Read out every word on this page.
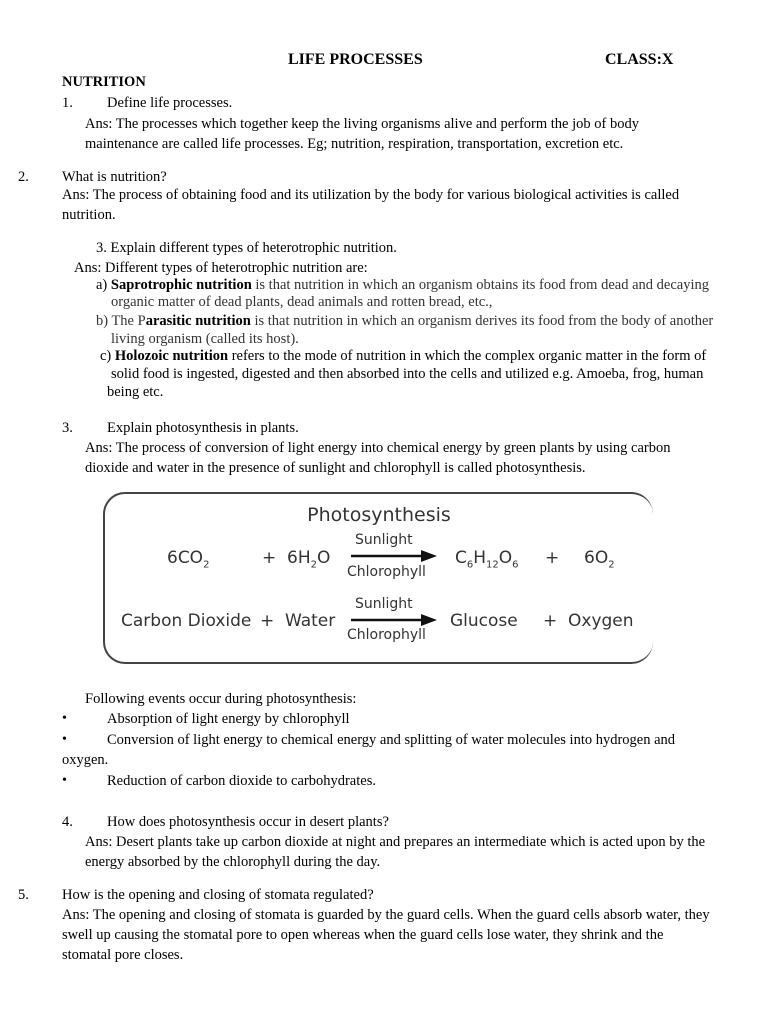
LIFE PROCESSES	CLASS:X
NUTRITION
1. Define life processes.
Ans: The processes which together keep the living organisms alive and perform the job of body
maintenance are called life processes. Eg; nutrition, respiration, transportation, excretion etc.
2. What is nutrition?
Ans: The process of obtaining food and its utilization by the body for various biological activities is called
nutrition.
3. Explain different types of heterotrophic nutrition.
Ans: Different types of heterotrophic nutrition are:
a) Saprotrophic nutrition is that nutrition in which an organism obtains its food from dead and decaying
organic matter of dead plants, dead animals and rotten bread, etc.,
b) The Parasitic nutrition is that nutrition in which an organism derives its food from the body of another
living organism (called its host).
c) Holozoic nutrition refers to the mode of nutrition in which the complex organic matter in the form of
solid food is ingested, digested and then absorbed into the cells and utilized e.g. Amoeba, frog, human
being etc.
3. Explain photosynthesis in plants.
Ans: The process of conversion of light energy into chemical energy by green plants by using carbon
dioxide and water in the presence of sunlight and chlorophyll is called photosynthesis.
Photosynthesis
$6CO_2$	+ $6H_2O$
Sunlight
Chlorophyll
$C_6H_{12}O_6 + 6O_2$
Carbon Dioxide + Water
Sunlight
Chlorophyll
Glucose + Oxygen
Following events occur during photosynthesis:
•	Absorption of light energy by chlorophyll
•	Conversion of light energy to chemical energy and splitting of water molecules into hydrogen and
oxygen.
•	Reduction of carbon dioxide to carbohydrates.
4. How does photosynthesis occur in desert plants?
Ans: Desert plants take up carbon dioxide at night and prepares an intermediate which is acted upon by the
energy absorbed by the chlorophyll during the day.
5. How is the opening and closing of stomata regulated?
Ans: The opening and closing of stomata is guarded by the guard cells. When the guard cells absorb water, they
swell up causing the stomatal pore to open whereas when the guard cells lose water, they shrink and the
stomatal pore closes.
